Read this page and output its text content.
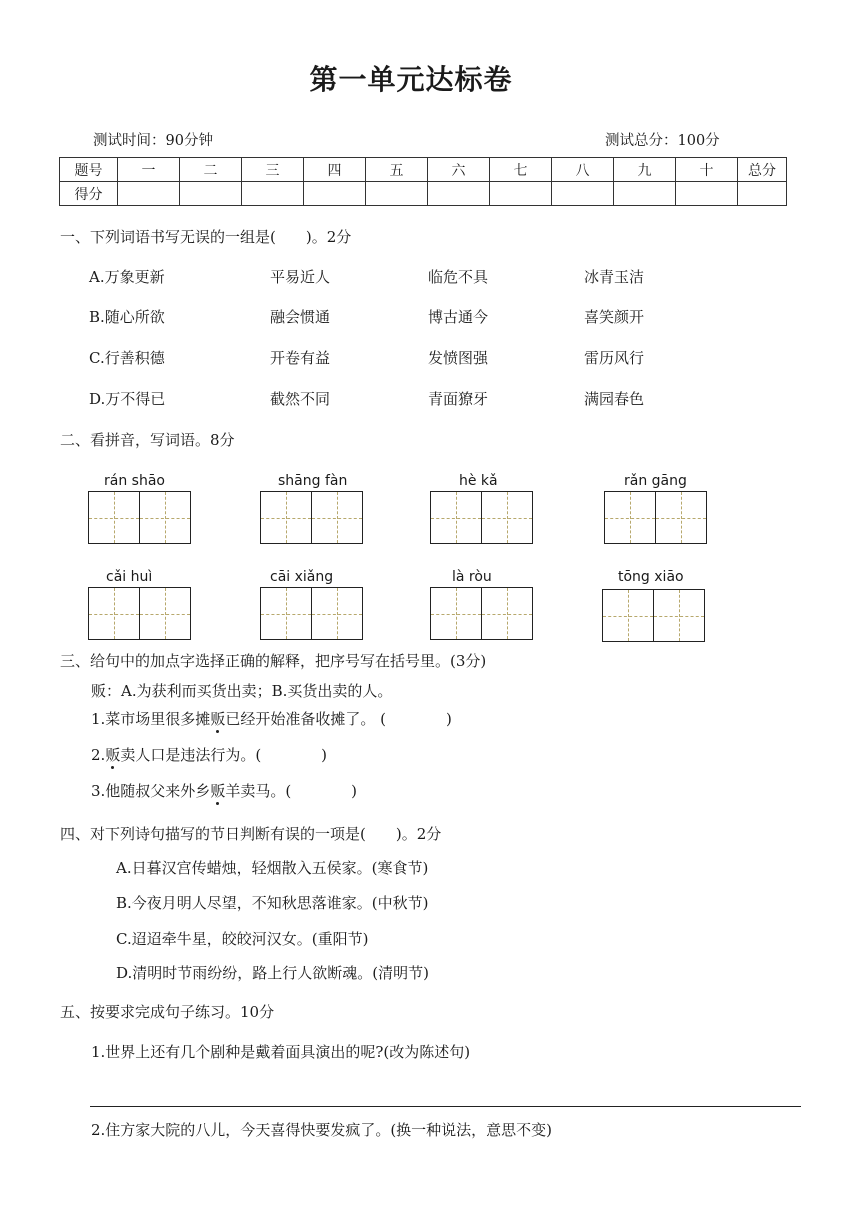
第一单元达标卷
测试时间：90分钟	测试总分：100分
题号	一	二	三	四	五	六	七	八	九	十	总分
得分											
一、下列词语书写无误的一组是(　　)。2分
A.万象更新	平易近人	临危不具	冰青玉洁
B.随心所欲	融会惯通	博古通今	喜笑颜开
C.行善积德	开卷有益	发愤图强	雷历风行
D.万不得已	截然不同	青面獠牙	满园春色
二、看拼音，写词语。8分
rán shāo	shāng fàn	hè kǎ	rǎn gāng
cǎi huì	cāi xiǎng	là ròu	tōng xiāo
三、给句中的加点字选择正确的解释，把序号写在括号里。(3分)
贩：A.为获利而买货出卖；B.买货出卖的人。
1.菜市场里很多摊贩已经开始准备收摊了。 (　　　　)
2.贩卖人口是违法行为。(　　　　)
3.他随叔父来外乡贩羊卖马。(　　　　)
四、对下列诗句描写的节日判断有误的一项是(　　)。2分
A.日暮汉宫传蜡烛，轻烟散入五侯家。(寒食节)
B.今夜月明人尽望，不知秋思落谁家。(中秋节)
C.迢迢牵牛星，皎皎河汉女。(重阳节)
D.清明时节雨纷纷，路上行人欲断魂。(清明节)
五、按要求完成句子练习。10分
1.世界上还有几个剧种是戴着面具演出的呢?(改为陈述句)
2.住方家大院的八儿，今天喜得快要发疯了。(换一种说法，意思不变)
